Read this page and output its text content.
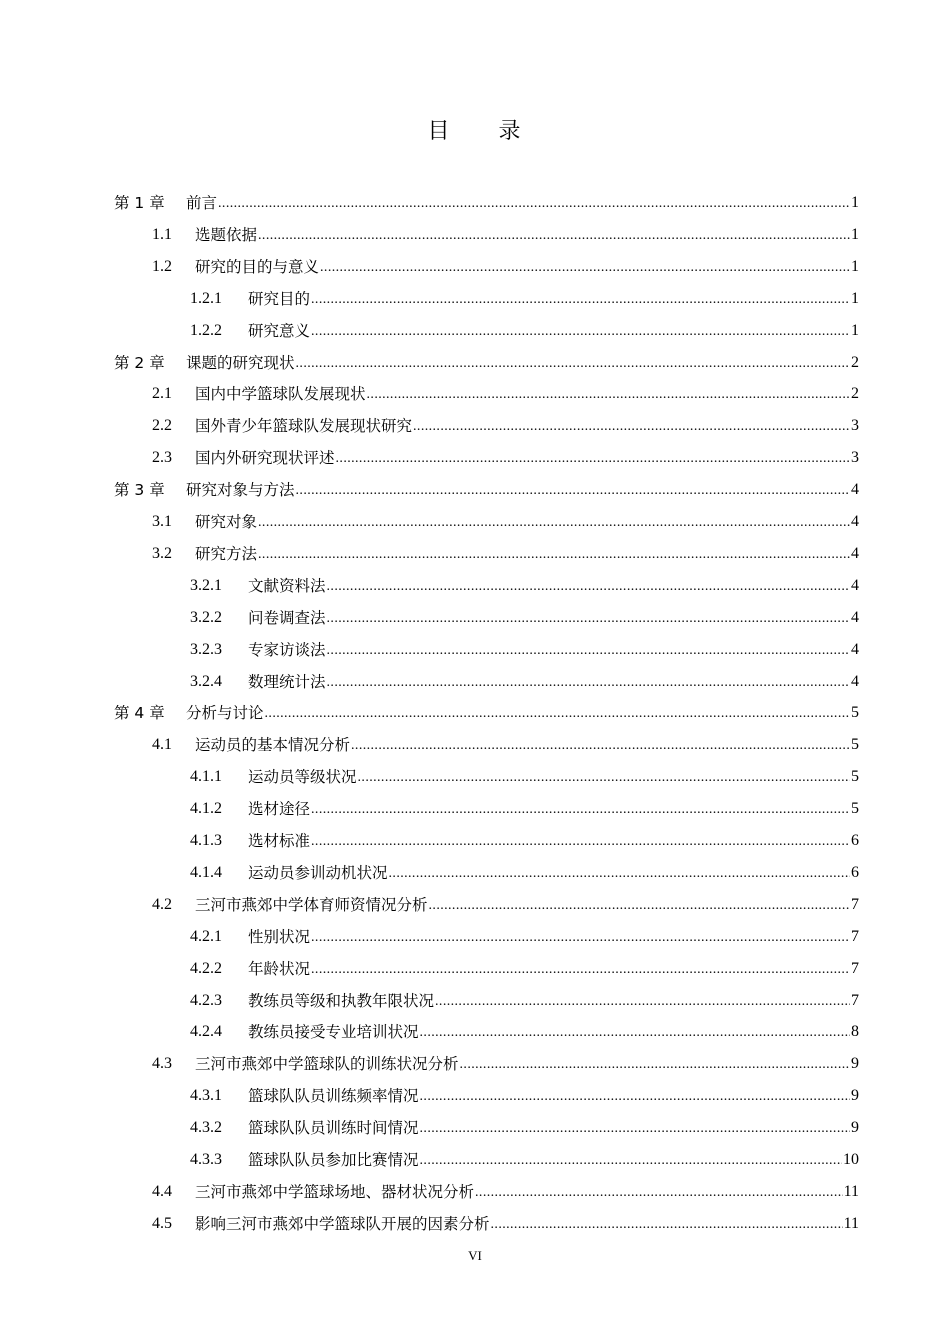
目 录
第 1 章	前言 .....	1
1.1	选题依据 .....	1
1.2	研究的目的与意义 .....	1
1.2.1	研究目的 .....	1
1.2.2	研究意义 .....	1
第 2 章	课题的研究现状 .....	2
2.1	国内中学篮球队发展现状 .....	2
2.2	国外青少年篮球队发展现状研究 .....	3
2.3	国内外研究现状评述 .....	3
第 3 章	研究对象与方法 .....	4
3.1	研究对象 .....	4
3.2	研究方法 .....	4
3.2.1	文献资料法 .....	4
3.2.2	问卷调查法 .....	4
3.2.3	专家访谈法 .....	4
3.2.4	数理统计法 .....	4
第 4 章	分析与讨论 .....	5
4.1	运动员的基本情况分析 .....	5
4.1.1	运动员等级状况 .....	5
4.1.2	选材途径 .....	5
4.1.3	选材标准 .....	6
4.1.4	运动员参训动机状况 .....	6
4.2	三河市燕郊中学体育师资情况分析 .....	7
4.2.1	性别状况 .....	7
4.2.2	年龄状况 .....	7
4.2.3	教练员等级和执教年限状况 .....	7
4.2.4	教练员接受专业培训状况 .....	8
4.3	三河市燕郊中学篮球队的训练状况分析 .....	9
4.3.1	篮球队队员训练频率情况 .....	9
4.3.2	篮球队队员训练时间情况 .....	9
4.3.3	篮球队队员参加比赛情况 .....	10
4.4	三河市燕郊中学篮球场地、器材状况分析 .....	11
4.5	影响三河市燕郊中学篮球队开展的因素分析 .....	11
VI
